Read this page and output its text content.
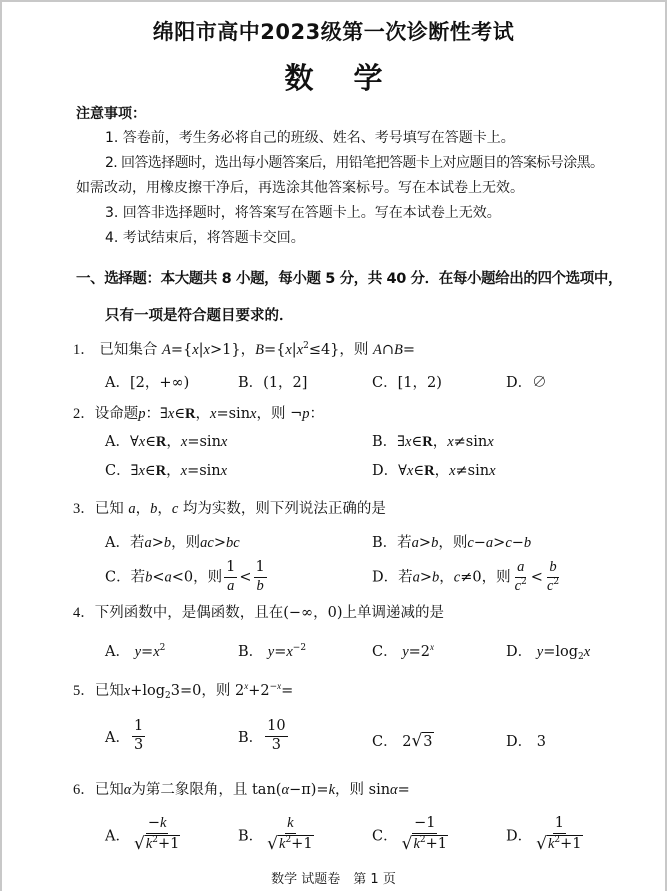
绵阳市高中2023级第一次诊断性考试
数学
注意事项：
1. 答卷前，考生务必将自己的班级、姓名、考号填写在答题卡上。
2. 回答选择题时，选出每小题答案后，用铅笔把答题卡上对应题目的答案标号涂黑。
如需改动，用橡皮擦干净后，再选涂其他答案标号。写在本试卷上无效。
3. 回答非选择题时，将答案写在答题卡上。写在本试卷上无效。
4. 考试结束后，将答题卡交回。
一、选择题：本大题共 8 小题，每小题 5 分，共 40 分．在每小题给出的四个选项中，
只有一项是符合题目要求的．
1． 已知集合 A={x|x>1}，$B=\{x|x^2\le 4\}$，则 A∩B=
A．[2，+∞)	B．(1，2]	C．[1，2)	D．∅
2．设命题p：∃x∈R，x=sinx，则 ¬p：
A．∀x∈R，x=sinx	B．∃x∈R，x≠sinx
C．∃x∈R，x=sinx	D．∀x∈R，x≠sinx
3．已知 a，b，c 均为实数，则下列说法正确的是
A．若a>b，则ac>bc	B．若a>b，则c−a>c−b
C．若b<a<0，则 $\frac{1}{a} < \frac{1}{b}$	D．若a>b，c≠0，则 $\frac{a}{c^2} < \frac{b}{c^2}$
4．下列函数中，是偶函数，且在(−∞，0)上单调递减的是
A． $y=x^2$	B． $y=x^{-2}$	C． $y=2^x$	D． $y=\log_2x$
5．已知$x+\log_23=0$，则 $2^x+2^{-x}=$
A． $\frac{1}{3}$	B． $\frac{10}{3}$	C． 2 √ 3	D． 3
6．已知α为第二象限角，且 tan(α−π)=k，则 sinα=
A． $\frac{-k}{√ k^2+1}$	B． $\frac{k}{√ k^2+1}$	C． $\frac{-1}{√ k^2+1}$	D． $\frac{1}{√ k^2+1}$
数学 试题卷　第 1 页
